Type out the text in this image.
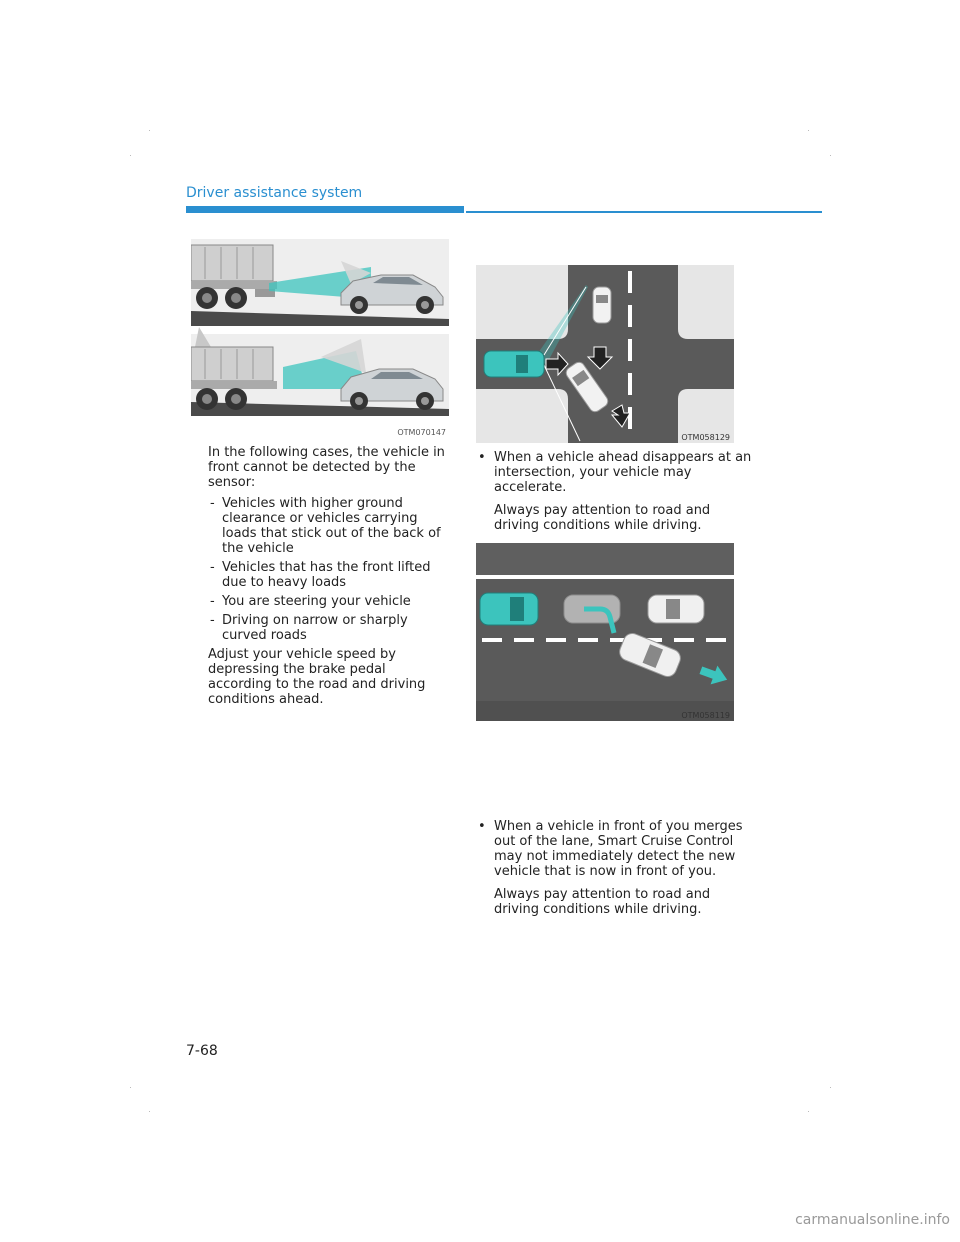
Driver assistance system
OTM070147
OTM058129
OTM058119

In the following cases, the vehicle in front cannot be detected by the sensor:

- Vehicles with higher ground clearance or vehicles carrying loads that stick out of the back of the vehicle
- Vehicles that has the front lifted due to heavy loads
- You are steering your vehicle
- Driving on narrow or sharply curved roads

Adjust your vehicle speed by depressing the brake pedal according to the road and driving conditions ahead.

• When a vehicle ahead disappears at an intersection, your vehicle may accelerate.

Always pay attention to road and driving conditions while driving.

• When a vehicle in front of you merges out of the lane, Smart Cruise Control may not immediately detect the new vehicle that is now in front of you.

Always pay attention to road and driving conditions while driving.

7-68
carmanualsonline.info
